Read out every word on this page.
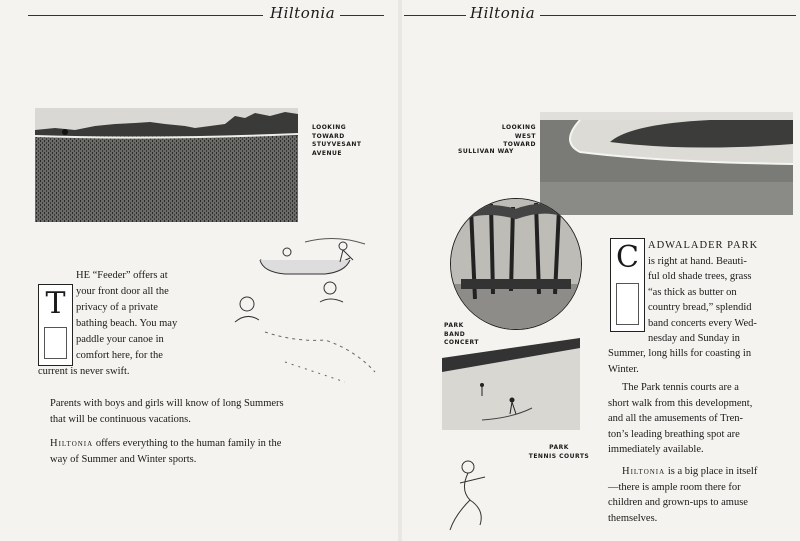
Hiltonia
LOOKING
TOWARD
STUYVESANT
AVENUE
T
HE “Feeder” offers at
your front door all the
privacy of a private
bathing beach. You may
paddle your canoe in
comfort here, for the
current is never swift.
Parents with boys and girls will know of long Summers
that will be continuous vacations.
Hiltonia offers everything to the human family in the
way of Summer and Winter sports.
Hiltonia
LOOKING
WEST
TOWARD
SULLIVAN WAY
PARK
BAND
CONCERT
PARK
TENNIS COURTS
C ADWALADER PARK
is right at hand. Beauti-
ful old shade trees, grass
“as thick as butter on
country bread,” splendid
band concerts every Wed-
nesday and Sunday in
Summer, long hills for coasting in
Winter.
The Park tennis courts are a
short walk from this development,
and all the amusements of Tren-
ton’s leading breathing spot are
immediately available.
Hiltonia is a big place in itself
—there is ample room there for
children and grown-ups to amuse
themselves.
